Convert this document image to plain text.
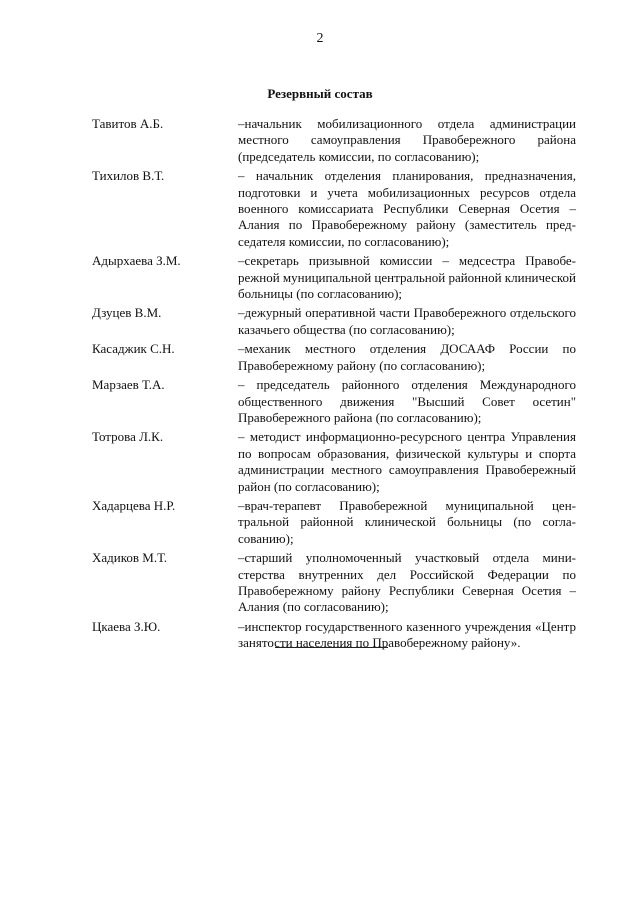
2
Резервный состав
Тавитов А.Б.	–начальник мобилизационного отдела администрации местного самоуправления Правобережного района (председатель комиссии, по согласованию);
Тихилов В.Т.	– начальник отделения планирования, предназначения, подготовки и учета мобилизационных ресурсов отдела военного комиссариата Республики Северная Осетия – Алания по Правобережному району (заместитель председателя комиссии, по согласованию);
Адырхаева З.М.	–секретарь призывной комиссии – медсестра Правобережной муниципальной центральной районной клинической больницы (по согласованию);
Дзуцев В.М.	–дежурный оперативной части Правобережного отдельского казачьего общества (по согласованию);
Касаджик С.Н.	–механик местного отделения ДОСААФ России по Правобережному району (по согласованию);
Марзаев Т.А.	– председатель районного отделения Международного общественного движения "Высший Совет осетин" Правобережного района (по согласованию);
Тотрова Л.К.	– методист информационно-ресурсного центра Управления по вопросам образования, физической культуры и спорта администрации местного самоуправления Правобережный район (по согласованию);
Хадарцева Н.Р.	–врач-терапевт Правобережной муниципальной центральной районной клинической больницы (по согласованию);
Хадиков М.Т.	–старший уполномоченный участковый отдела министерства внутренних дел Российской Федерации по Правобережному району Республики Северная Осетия – Алания (по согласованию);
Цкаева З.Ю.	–инспектор государственного казенного учреждения «Центр занятости населения по Правобережному району».
